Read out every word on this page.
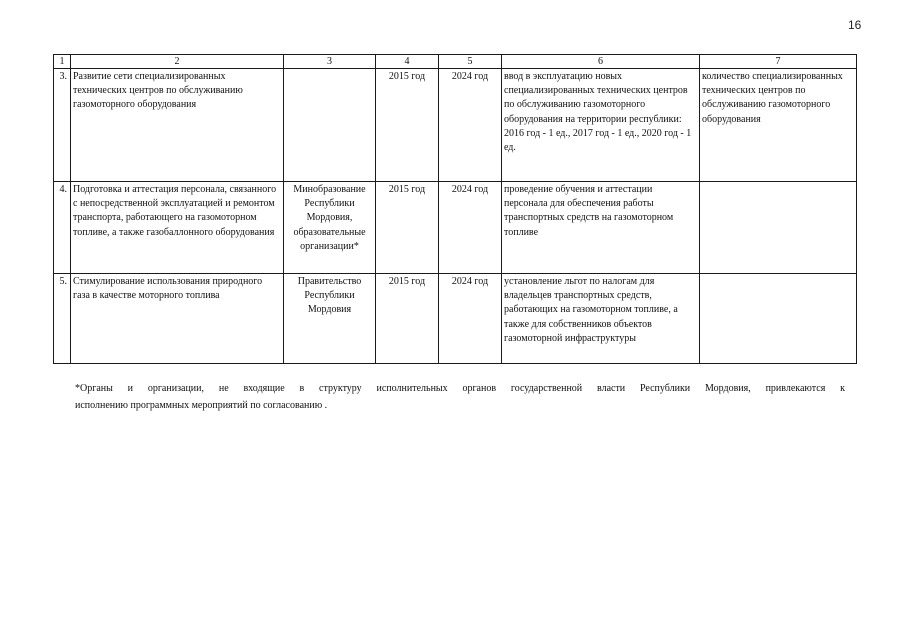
16
1	2	3	4	5	6	7
3.	Развитие сети специализированных технических центров по обслуживанию газомоторного оборудования		2015 год	2024 год	ввод в эксплуатацию новых специализированных технических центров по обслуживанию газомоторного оборудования на территории республики: 2016 год - 1 ед., 2017 год - 1 ед., 2020 год - 1 ед.	количество специализированных технических центров по обслуживанию газомоторного оборудования
4.	Подготовка и аттестация персонала, связанного с непосредственной эксплуатацией и ремонтом транспорта, работающего на газомоторном топливе, а также газобаллонного оборудования	Минобразование Республики Мордовия, образовательные организации*	2015 год	2024 год	проведение обучения и аттестации персонала для обеспечения работы транспортных средств на газомоторном топливе	
5.	Стимулирование использования природного газа в качестве моторного топлива	Правительство Республики Мордовия	2015 год	2024 год	установление льгот по налогам для владельцев транспортных средств, работающих на газомоторном топливе, а также для собственников объектов газомоторной инфраструктуры	
*Органы и организации, не входящие в структуру исполнительных органов государственной власти Республики Мордовия, привлекаются к
исполнению программных мероприятий по согласованию .
